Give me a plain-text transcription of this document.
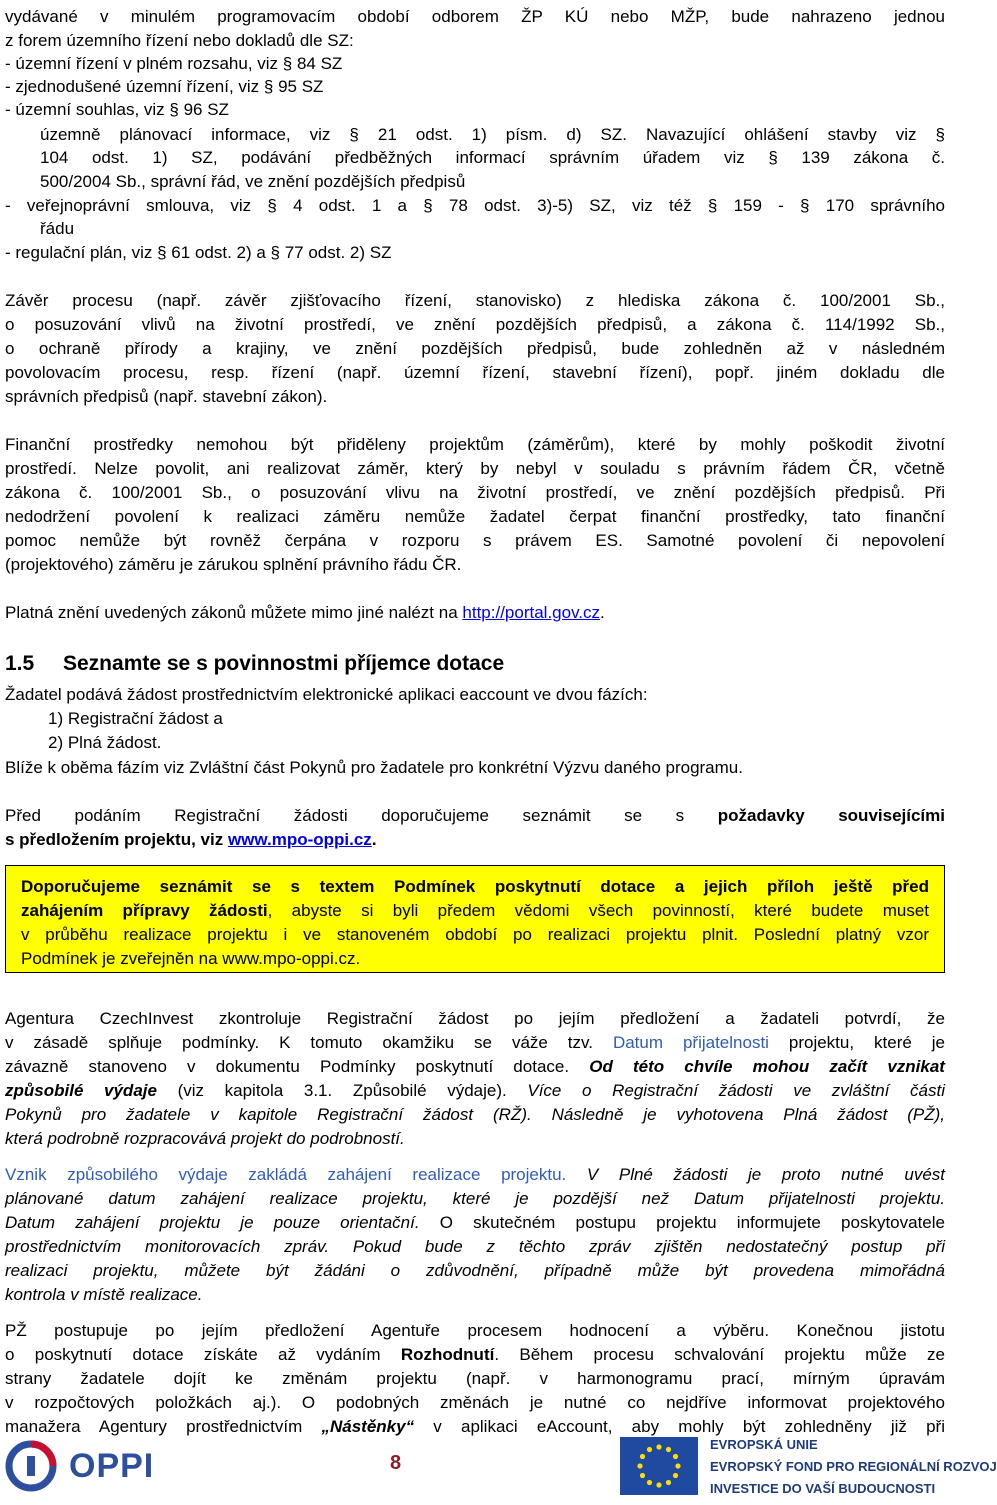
vydávané v minulém programovacím období odborem ŽP KÚ nebo MŽP, bude nahrazeno jednou
z forem územního řízení nebo dokladů dle SZ:
- územní řízení v plném rozsahu, viz § 84 SZ
- zjednodušené územní řízení, viz § 95 SZ
- územní souhlas, viz § 96 SZ
územně plánovací informace, viz § 21 odst. 1) písm. d) SZ. Navazující ohlášení stavby viz §
104 odst. 1) SZ, podávání předběžných informací správním úřadem viz § 139 zákona č.
500/2004 Sb., správní řád, ve znění pozdějších předpisů
- veřejnoprávní smlouva, viz § 4 odst. 1 a § 78 odst. 3)-5) SZ, viz též § 159 - § 170 správního
řádu
- regulační plán, viz § 61 odst. 2) a § 77 odst. 2) SZ
Závěr procesu (např. závěr zjišťovacího řízení, stanovisko) z hlediska zákona č. 100/2001 Sb.,
o posuzování vlivů na životní prostředí, ve znění pozdějších předpisů, a zákona č. 114/1992 Sb.,
o ochraně přírody a krajiny, ve znění pozdějších předpisů, bude zohledněn až v následném
povolovacím procesu, resp. řízení (např. územní řízení, stavební řízení), popř. jiném dokladu dle
správních předpisů (např. stavební zákon).
Finanční prostředky nemohou být přiděleny projektům (záměrům), které by mohly poškodit životní
prostředí. Nelze povolit, ani realizovat záměr, který by nebyl v souladu s právním řádem ČR, včetně
zákona č. 100/2001 Sb., o posuzování vlivu na životní prostředí, ve znění pozdějších předpisů. Při
nedodržení povolení k realizaci záměru nemůže žadatel čerpat finanční prostředky, tato finanční
pomoc nemůže být rovněž čerpána v rozporu s právem ES. Samotné povolení či nepovolení
(projektového) záměru je zárukou splnění právního řádu ČR.
Platná znění uvedených zákonů můžete mimo jiné nalézt na http://portal.gov.cz.
1.5 Seznamte se s povinnostmi příjemce dotace
Žadatel podává žádost prostřednictvím elektronické aplikaci eaccount ve dvou fázích:
1) Registrační žádost a
2) Plná žádost.
Blíže k oběma fázím viz Zvláštní část Pokynů pro žadatele pro konkrétní Výzvu daného programu.
Před podáním Registrační žádosti doporučujeme seznámit se s požadavky souvisejícími
s předložením projektu, viz www.mpo-oppi.cz.
Doporučujeme seznámit se s textem Podmínek poskytnutí dotace a jejich příloh ještě před
zahájením přípravy žádosti, abyste si byli předem vědomi všech povinností, které budete muset
v průběhu realizace projektu i ve stanoveném období po realizaci projektu plnit. Poslední platný vzor
Podmínek je zveřejněn na www.mpo-oppi.cz.
Agentura CzechInvest zkontroluje Registrační žádost po jejím předložení a žadateli potvrdí, že
v zásadě splňuje podmínky. K tomuto okamžiku se váže tzv. Datum přijatelnosti projektu, které je
závazně stanoveno v dokumentu Podmínky poskytnutí dotace. Od této chvíle mohou začít vznikat
způsobilé výdaje (viz kapitola 3.1. Způsobilé výdaje). Více o Registrační žádosti ve zvláštní části
Pokynů pro žadatele v kapitole Registrační žádost (RŽ). Následně je vyhotovena Plná žádost (PŽ),
která podrobně rozpracovává projekt do podrobností.
Vznik způsobilého výdaje zakládá zahájení realizace projektu. V Plné žádosti je proto nutné uvést
plánované datum zahájení realizace projektu, které je pozdější než Datum přijatelnosti projektu.
Datum zahájení projektu je pouze orientační. O skutečném postupu projektu informujete poskytovatele
prostřednictvím monitorovacích zpráv. Pokud bude z těchto zpráv zjištěn nedostatečný postup při
realizaci projektu, můžete být žádáni o zdůvodnění, případně může být provedena mimořádná
kontrola v místě realizace.
PŽ postupuje po jejím předložení Agentuře procesem hodnocení a výběru. Konečnou jistotu
o poskytnutí dotace získáte až vydáním Rozhodnutí. Během procesu schvalování projektu může ze
strany žadatele dojít ke změnám projektu (např. v harmonogramu prací, mírným úpravám
v rozpočtových položkách aj.). O podobných změnách je nutné co nejdříve informovat projektového
manažera Agentury prostřednictvím „Nástěnky“ v aplikaci eAccount, aby mohly být zohledněny již při
OPPI	8
EVROPSKÁ UNIE
EVROPSKÝ FOND PRO REGIONÁLNÍ ROZVOJ
INVESTICE DO VAŠÍ BUDOUCNOSTI
